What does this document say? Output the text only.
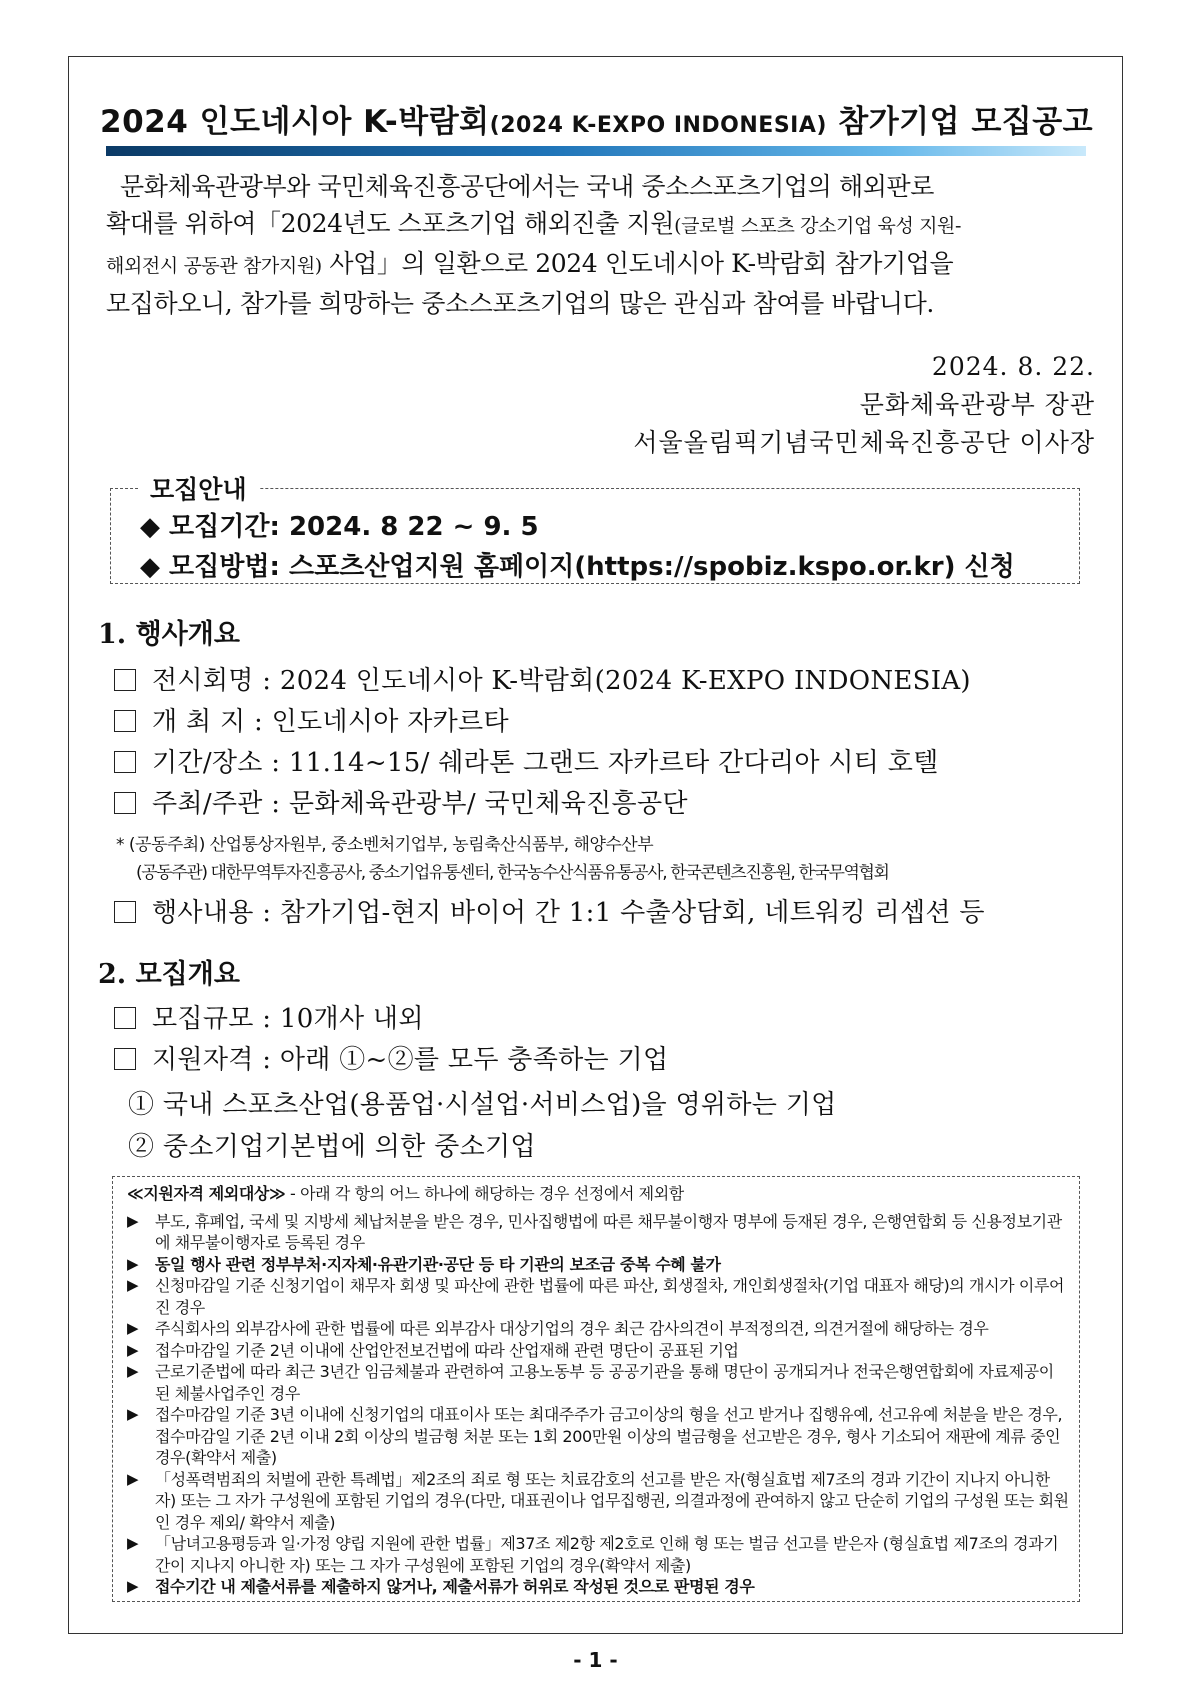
2024 인도네시아 K-박람회(2024 K-EXPO INDONESIA) 참가기업 모집공고
문화체육관광부와 국민체육진흥공단에서는 국내 중소스포츠기업의 해외판로
확대를 위하여「2024년도 스포츠기업 해외진출 지원(글로벌 스포츠 강소기업 육성 지원-
해외전시 공동관 참가지원) 사업」의 일환으로 2024 인도네시아 K-박람회 참가기업을
모집하오니, 참가를 희망하는 중소스포츠기업의 많은 관심과 참여를 바랍니다.
2024. 8. 22.
문화체육관광부 장관
서울올림픽기념국민체육진흥공단 이사장
모집안내
◆ 모집기간: 2024. 8 22 ~ 9. 5
◆ 모집방법: 스포츠산업지원 홈페이지(https://spobiz.kspo.or.kr) 신청
1. 행사개요
전시회명 : 2024 인도네시아 K-박람회(2024 K-EXPO INDONESIA)
개 최 지 : 인도네시아 자카르타
기간/장소 : 11.14~15/ 쉐라톤 그랜드 자카르타 간다리아 시티 호텔
주최/주관 : 문화체육관광부/ 국민체육진흥공단
* (공동주최) 산업통상자원부, 중소벤처기업부, 농림축산식품부, 해양수산부
(공동주관) 대한무역투자진흥공사, 중소기업유통센터, 한국농수산식품유통공사, 한국콘텐츠진흥원, 한국무역협회
행사내용 : 참가기업-현지 바이어 간 1:1 수출상담회, 네트워킹 리셉션 등
2. 모집개요
모집규모 : 10개사 내외
지원자격 : 아래 ①~②를 모두 충족하는 기업
① 국내 스포츠산업(용품업·시설업·서비스업)을 영위하는 기업
② 중소기업기본법에 의한 중소기업
≪지원자격 제외대상≫ - 아래 각 항의 어느 하나에 해당하는 경우 선정에서 제외함
▶ 부도, 휴폐업, 국세 및 지방세 체납처분을 받은 경우, 민사집행법에 따른 채무불이행자 명부에 등재된 경우, 은행연합회 등 신용정보기관에 채무불이행자로 등록된 경우
▶ 동일 행사 관련 정부부처·지자체·유관기관·공단 등 타 기관의 보조금 중복 수혜 불가
▶ 신청마감일 기준 신청기업이 채무자 회생 및 파산에 관한 법률에 따른 파산, 회생절차, 개인회생절차(기업 대표자 해당)의 개시가 이루어진 경우
▶ 주식회사의 외부감사에 관한 법률에 따른 외부감사 대상기업의 경우 최근 감사의견이 부적정의견, 의견거절에 해당하는 경우
▶ 접수마감일 기준 2년 이내에 산업안전보건법에 따라 산업재해 관련 명단이 공표된 기업
▶ 근로기준법에 따라 최근 3년간 임금체불과 관련하여 고용노동부 등 공공기관을 통해 명단이 공개되거나 전국은행연합회에 자료제공이 된 체불사업주인 경우
▶ 접수마감일 기준 3년 이내에 신청기업의 대표이사 또는 최대주주가 금고이상의 형을 선고 받거나 집행유예, 선고유예 처분을 받은 경우, 접수마감일 기준 2년 이내 2회 이상의 벌금형 처분 또는 1회 200만원 이상의 벌금형을 선고받은 경우, 형사 기소되어 재판에 계류 중인경우(확약서 제출)
▶ 「성폭력범죄의 처벌에 관한 특례법」제2조의 죄로 형 또는 치료감호의 선고를 받은 자(형실효법 제7조의 경과 기간이 지나지 아니한 자) 또는 그 자가 구성원에 포함된 기업의 경우(다만, 대표권이나 업무집행권, 의결과정에 관여하지 않고 단순히 기업의 구성원 또는 회원인 경우 제외/ 확약서 제출)
▶ 「남녀고용평등과 일·가정 양립 지원에 관한 법률」제37조 제2항 제2호로 인해 형 또는 벌금 선고를 받은자 (형실효법 제7조의 경과기간이 지나지 아니한 자) 또는 그 자가 구성원에 포함된 기업의 경우(확약서 제출)
▶ 접수기간 내 제출서류를 제출하지 않거나, 제출서류가 허위로 작성된 것으로 판명된 경우
- 1 -
